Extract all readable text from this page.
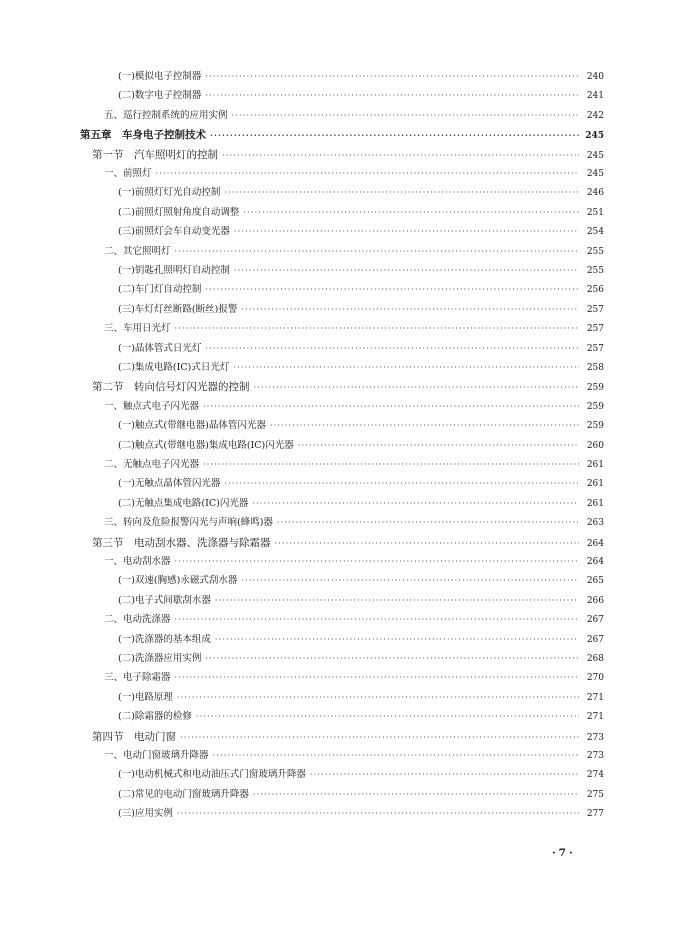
(一)模拟电子控制器 ·····	240
(二)数字电子控制器 ·····	241
五、巡行控制系统的应用实例 ·····	242
第五章　车身电子控制技术 ·····	245
第一节　汽车照明灯的控制 ·····	245
一、前照灯 ·····	245
(一)前照灯灯光自动控制 ·····	246
(二)前照灯照射角度自动调整 ·····	251
(三)前照灯会车自动变光器 ·····	254
二、其它照明灯 ·····	255
(一)钥匙孔照明灯自动控制 ·····	255
(二)车门灯自动控制 ·····	256
(三)车灯灯丝断路(断丝)报警 ·····	257
三、车用日光灯 ·····	257
(一)晶体管式日光灯 ·····	257
(二)集成电路(IC)式日光灯 ·····	258
第二节　转向信号灯闪光器的控制 ·····	259
一、触点式电子闪光器 ·····	259
(一)触点式(带继电器)晶体管闪光器 ·····	259
(二)触点式(带继电器)集成电路(IC)闪光器 ·····	260
二、无触点电子闪光器 ·····	261
(一)无触点晶体管闪光器 ·····	261
(二)无触点集成电路(IC)闪光器 ·····	261
三、转向及危险报警闪光与声响(蜂鸣)器 ·····	263
第三节　电动刮水器、洗涤器与除霜器 ·····	264
一、电动刮水器 ·····	264
(一)双速(胸感)永磁式刮水器 ·····	265
(二)电子式间歇刮水器 ·····	266
二、电动洗涤器 ·····	267
(一)洗涤器的基本组成 ·····	267
(二)洗涤器应用实例 ·····	268
三、电子除霜器 ·····	270
(一)电路原理 ·····	271
(二)除霜器的检修 ·····	271
第四节　电动门窗 ·····	273
一、电动门窗玻璃升降器 ·····	273
(一)电动机械式和电动油压式门窗玻璃升降器 ·····	274
(二)常见的电动门窗玻璃升降器 ·····	275
(三)应用实例 ·····	277
·7·
